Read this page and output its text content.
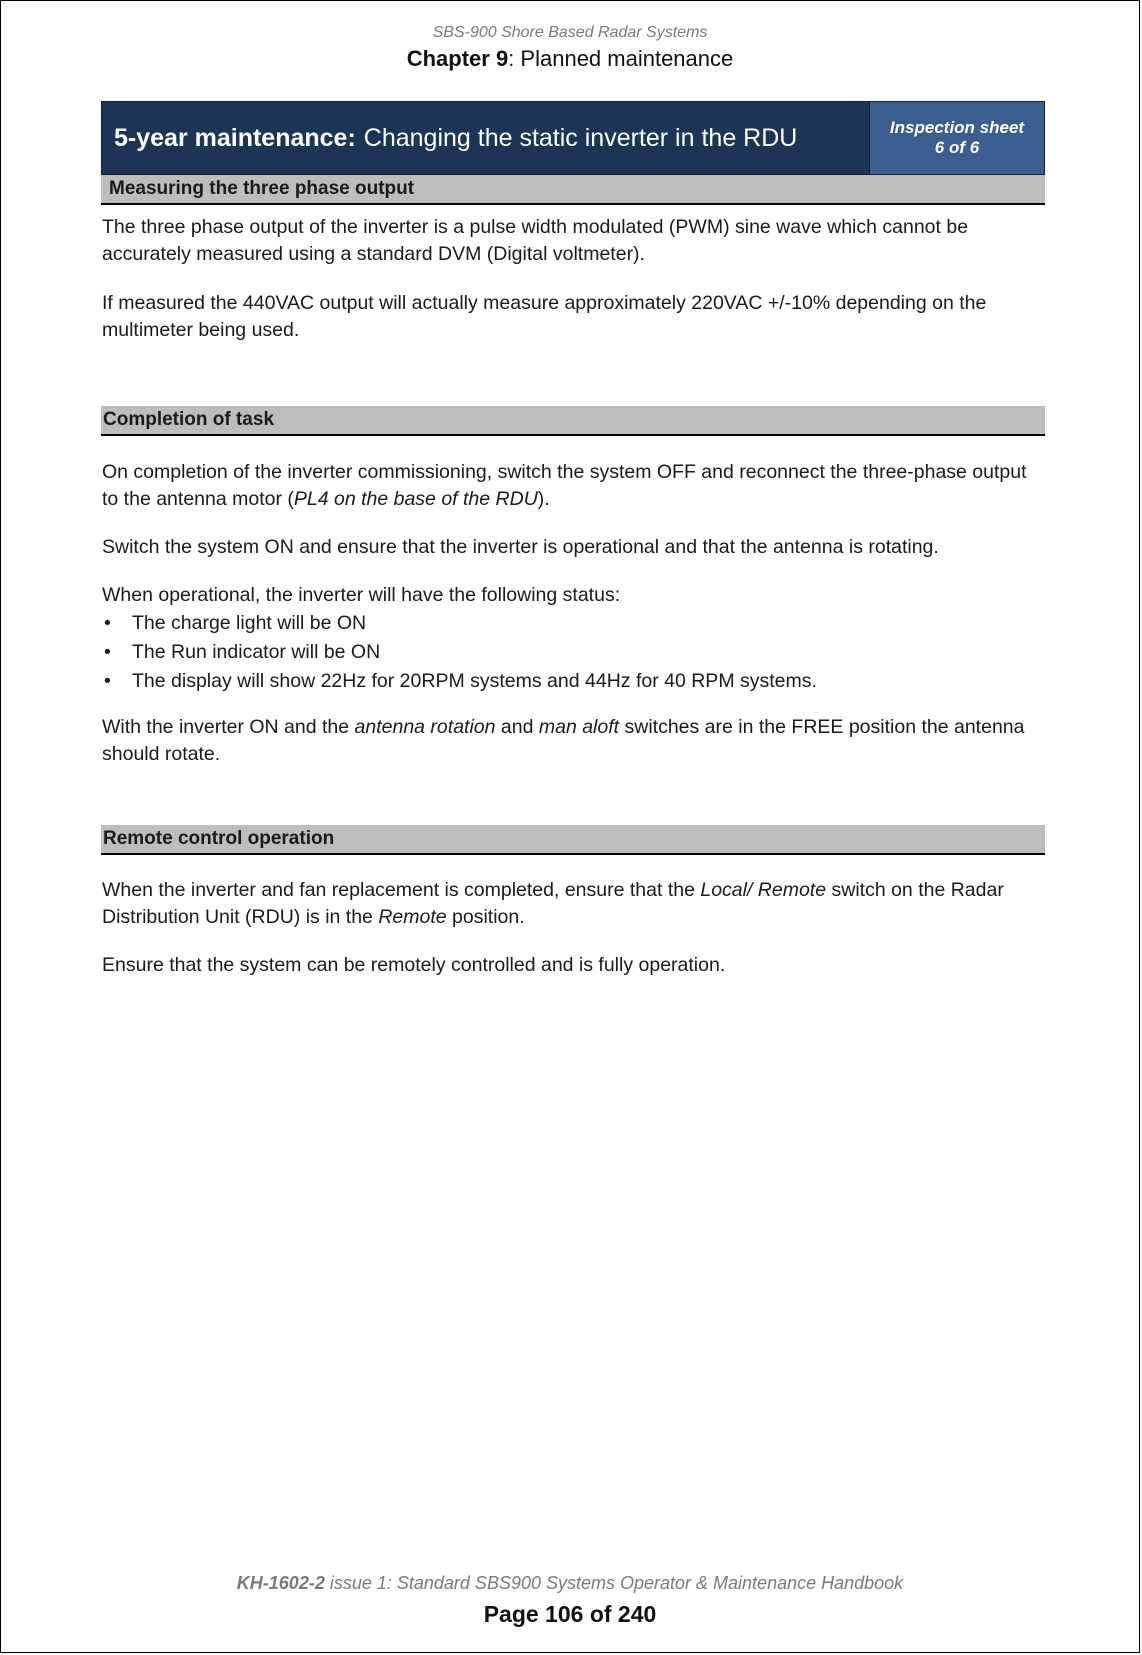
SBS-900 Shore Based Radar Systems
Chapter 9: Planned maintenance
5-year maintenance: Changing the static inverter in the RDU	Inspection sheet
6 of 6
Measuring the three phase output

The three phase output of the inverter is a pulse width modulated (PWM) sine wave which cannot be accurately measured using a standard DVM (Digital voltmeter).

If measured the 440VAC output will actually measure approximately 220VAC +/-10% depending on the multimeter being used.

Completion of task

On completion of the inverter commissioning, switch the system OFF and reconnect the three-phase output to the antenna motor (PL4 on the base of the RDU).

Switch the system ON and ensure that the inverter is operational and that the antenna is rotating.

When operational, the inverter will have the following status:

• The charge light will be ON
• The Run indicator will be ON
• The display will show 22Hz for 20RPM systems and 44Hz for 40 RPM systems.

With the inverter ON and the antenna rotation and man aloft switches are in the FREE position the antenna should rotate.

Remote control operation

When the inverter and fan replacement is completed, ensure that the Local/ Remote switch on the Radar Distribution Unit (RDU) is in the Remote position.

Ensure that the system can be remotely controlled and is fully operation.

KH-1602-2 issue 1: Standard SBS900 Systems Operator & Maintenance Handbook
Page 106 of 240
